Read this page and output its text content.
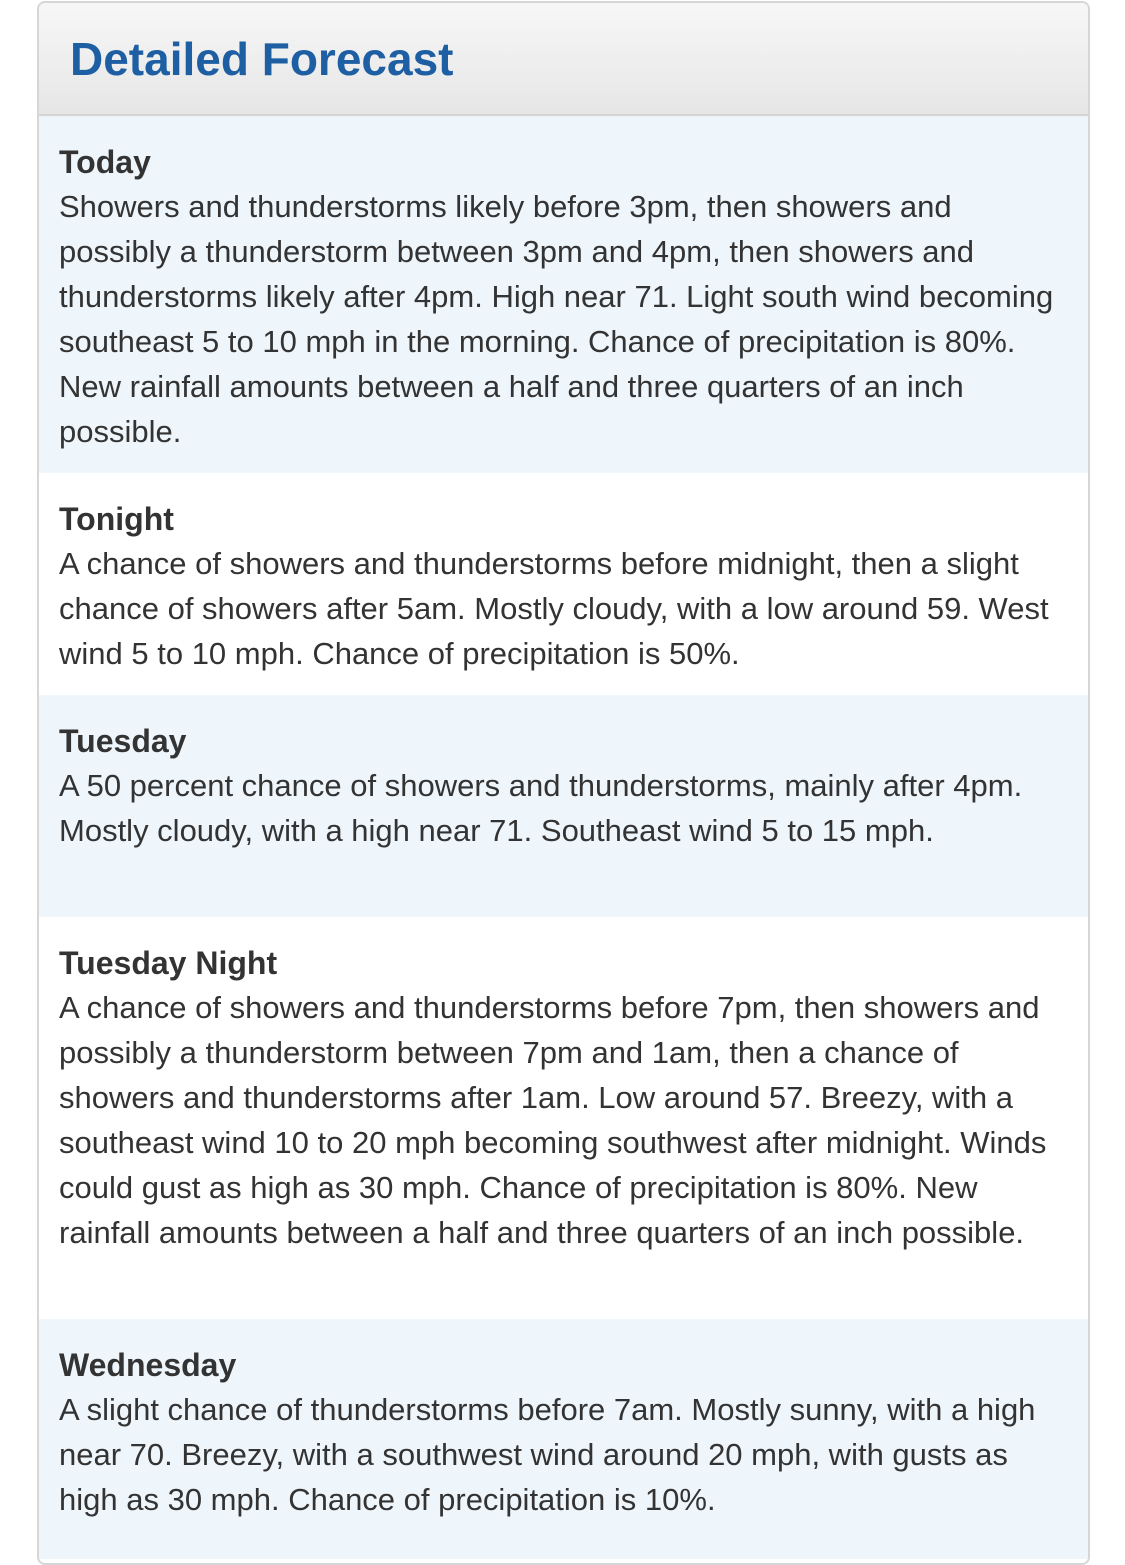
Detailed Forecast
Today
Showers and thunderstorms likely before 3pm, then showers and possibly a thunderstorm between 3pm and 4pm, then showers and thunderstorms likely after 4pm. High near 71. Light south wind becoming southeast 5 to 10 mph in the morning. Chance of precipitation is 80%. New rainfall amounts between a half and three quarters of an inch possible.
Tonight
A chance of showers and thunderstorms before midnight, then a slight chance of showers after 5am. Mostly cloudy, with a low around 59. West wind 5 to 10 mph. Chance of precipitation is 50%.
Tuesday
A 50 percent chance of showers and thunderstorms, mainly after 4pm. Mostly cloudy, with a high near 71. Southeast wind 5 to 15 mph.
Tuesday Night
A chance of showers and thunderstorms before 7pm, then showers and possibly a thunderstorm between 7pm and 1am, then a chance of showers and thunderstorms after 1am. Low around 57. Breezy, with a southeast wind 10 to 20 mph becoming southwest after midnight. Winds could gust as high as 30 mph. Chance of precipitation is 80%. New rainfall amounts between a half and three quarters of an inch possible.
Wednesday
A slight chance of thunderstorms before 7am. Mostly sunny, with a high near 70. Breezy, with a southwest wind around 20 mph, with gusts as high as 30 mph. Chance of precipitation is 10%.
